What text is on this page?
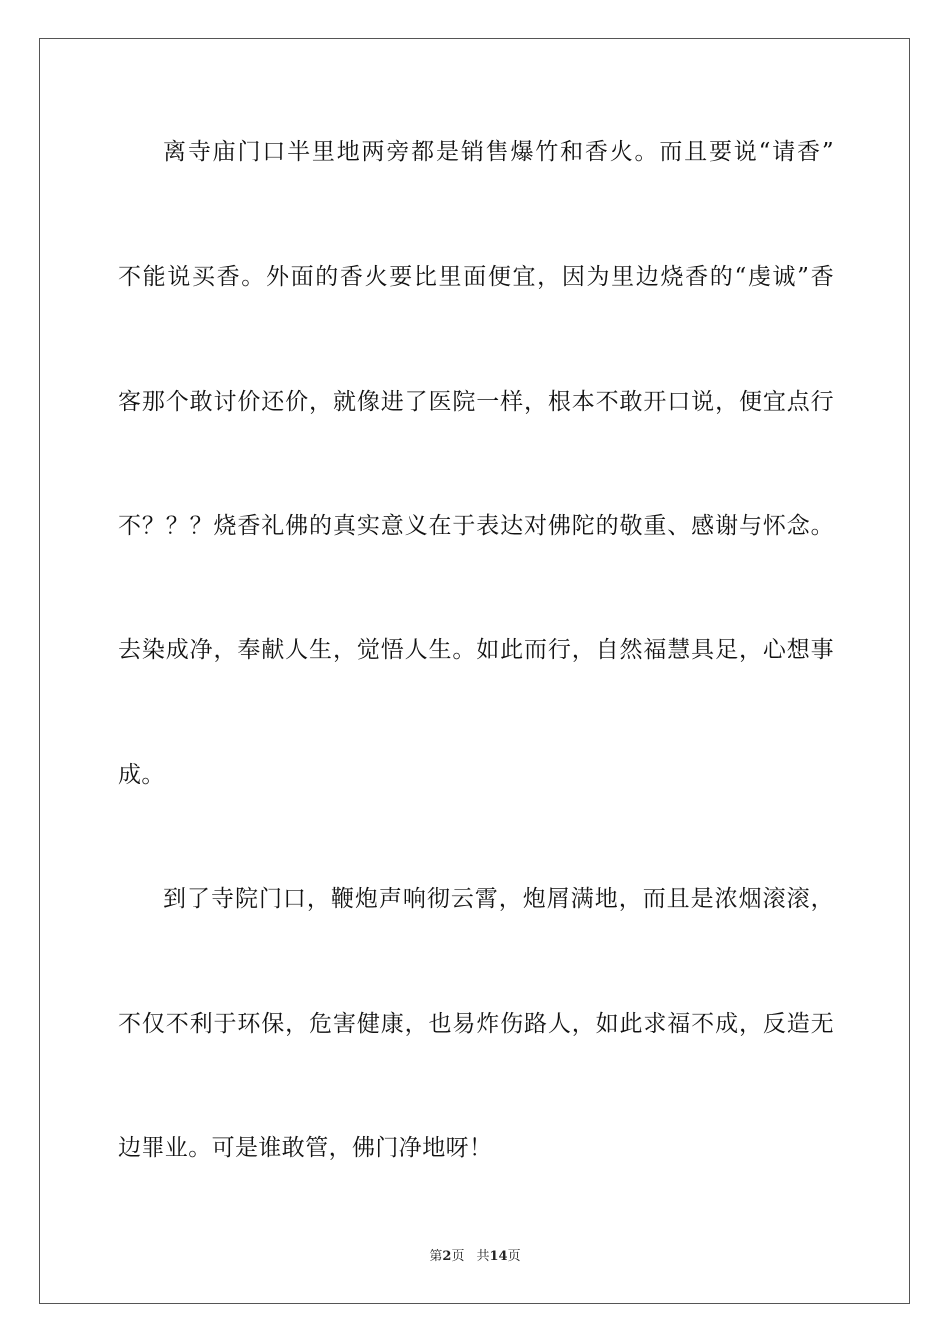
离寺庙门口半里地两旁都是销售爆竹和香火。而且要说“请香”
不能说买香。外面的香火要比里面便宜，因为里边烧香的“虔诚”香
客那个敢讨价还价，就像进了医院一样，根本不敢开口说，便宜点行
不？？？烧香礼佛的真实意义在于表达对佛陀的敬重、感谢与怀念。
去染成净，奉献人生，觉悟人生。如此而行，自然福慧具足，心想事
成。
到了寺院门口，鞭炮声响彻云霄，炮屑满地，而且是浓烟滚滚，
不仅不利于环保，危害健康，也易炸伤路人，如此求福不成，反造无
边罪业。可是谁敢管，佛门净地呀！
第2页 共14页
